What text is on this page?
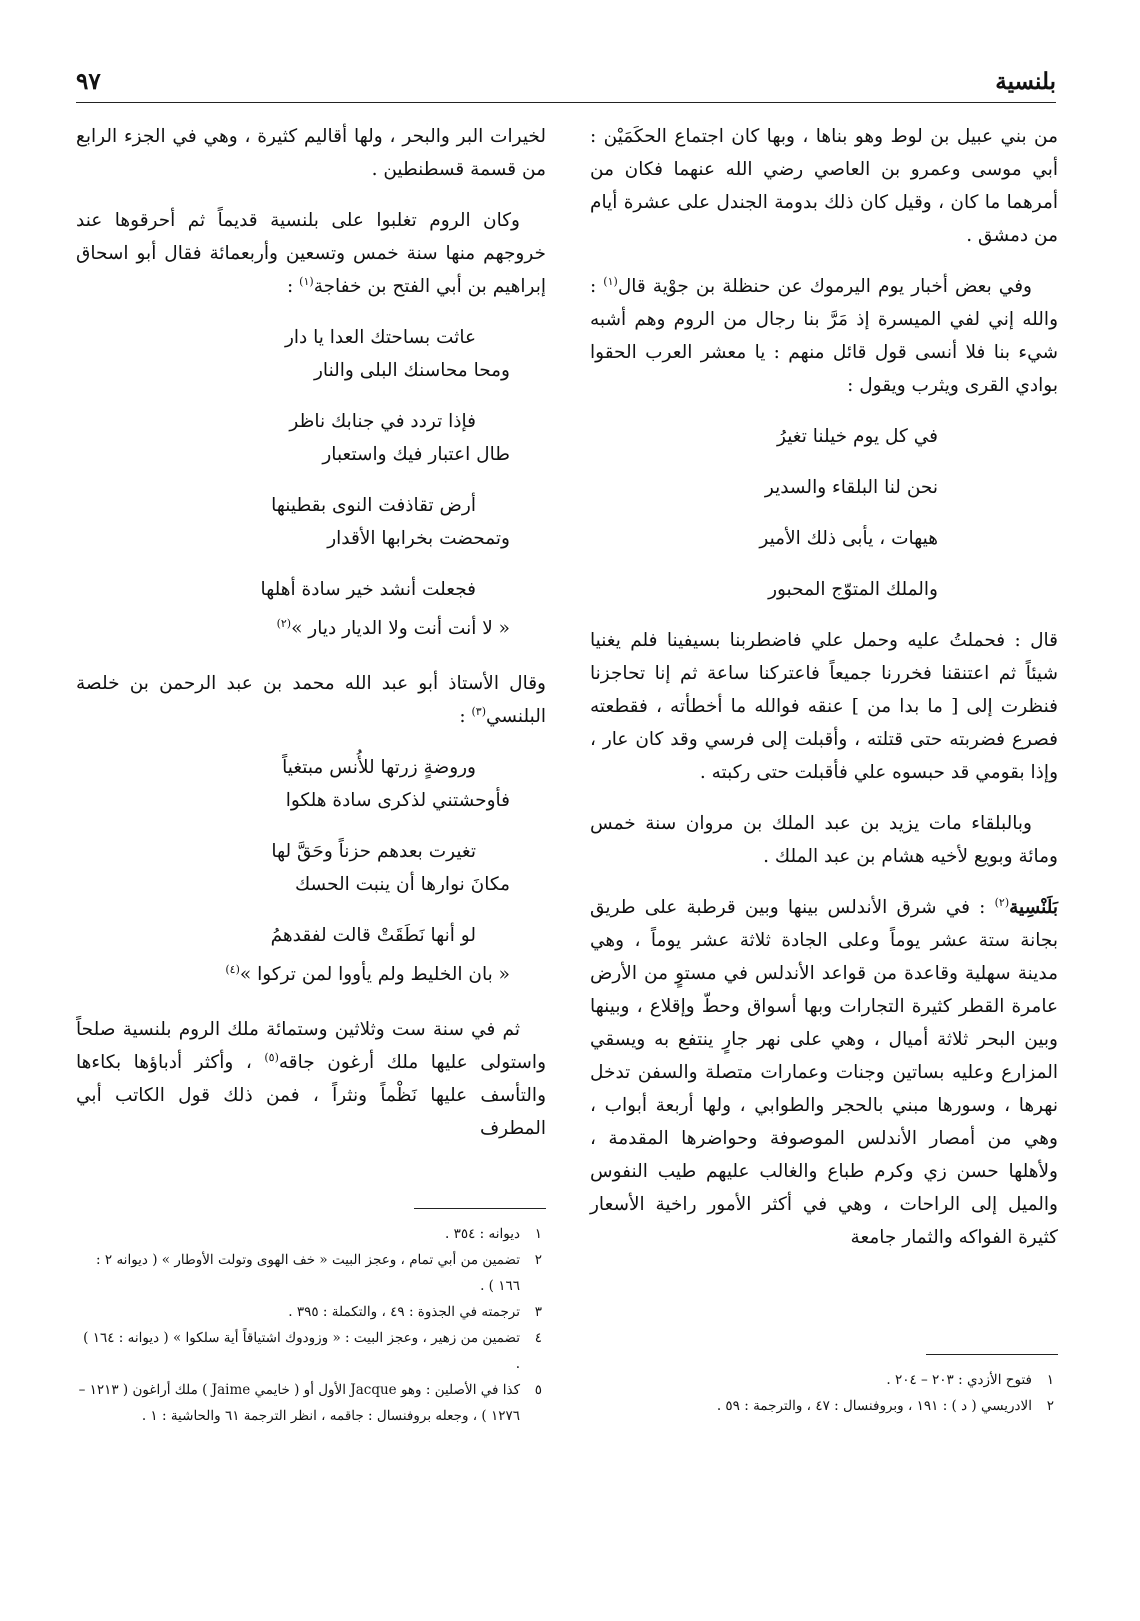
بلنسية
٩٧

من بني عبيل بن لوط وهو بناها ، وبها كان اجتماع الحكَمَيْن : أبي موسى وعمرو بن العاصي رضي الله عنهما فكان من أمرهما ما كان ، وقيل كان ذلك بدومة الجندل على عشرة أيام من دمشق .

وفي بعض أخبار يوم اليرموك عن حنظلة بن جوْية قال$^{(١)}$ : والله إني لفي الميسرة إذ مَرَّ بنا رجال من الروم وهم أشبه شيء بنا فلا أنسى قول قائل منهم : يا معشر العرب الحقوا بوادي القرى ويثرب ويقول :

في كل يوم خيلنا تغيرُ
نحن لنا البلقاء والسدير
هيهات ، يأبى ذلك الأمير
والملك المتوّج المحبور

قال : فحملتُ عليه وحمل علي فاضطربنا بسيفينا فلم يغنيا شيئاً ثم اعتنقنا فخررنا جميعاً فاعتركنا ساعة ثم إنا تحاجزنا فنظرت إلى [ ما بدا من ] عنقه فوالله ما أخطأته ، فقطعته فصرع فضربته حتى قتلته ، وأقبلت إلى فرسي وقد كان عار ، وإذا بقومي قد حبسوه علي فأقبلت حتى ركبته .

وبالبلقاء مات يزيد بن عبد الملك بن مروان سنة خمس ومائة وبويع لأخيه هشام بن عبد الملك .

بَلَنْسِية$^{(٢)}$ : في شرق الأندلس بينها وبين قرطبة على طريق بجانة ستة عشر يوماً وعلى الجادة ثلاثة عشر يوماً ، وهي مدينة سهلية وقاعدة من قواعد الأندلس في مستوٍ من الأرض عامرة القطر كثيرة التجارات وبها أسواق وحطّ وإقلاع ، وبينها وبين البحر ثلاثة أميال ، وهي على نهر جارٍ ينتفع به ويسقي المزارع وعليه بساتين وجنات وعمارات متصلة والسفن تدخل نهرها ، وسورها مبني بالحجر والطوابي ، ولها أربعة أبواب ، وهي من أمصار الأندلس الموصوفة وحواضرها المقدمة ، ولأهلها حسن زي وكرم طباع والغالب عليهم طيب النفوس والميل إلى الراحات ، وهي في أكثر الأمور راخية الأسعار كثيرة الفواكه والثمار جامعة

لخيرات البر والبحر ، ولها أقاليم كثيرة ، وهي في الجزء الرابع من قسمة قسطنطين .

وكان الروم تغلبوا على بلنسية قديماً ثم أحرقوها عند خروجهم منها سنة خمس وتسعين وأربعمائة فقال أبو اسحاق إبراهيم بن أبي الفتح بن خفاجة$^{(١)}$ :

عاثت بساحتك العدا يا دار
ومحا محاسنك البلى والنار
فإذا تردد في جنابك ناظر
طال اعتبار فيك واستعبار
أرض تقاذفت النوى بقطينها
وتمحضت بخرابها الأقدار
فجعلت أنشد خير سادة أهلها
« لا أنت أنت ولا الديار ديار »$^{(٢)}$

وقال الأستاذ أبو عبد الله محمد بن عبد الرحمن بن خلصة البلنسي$^{(٣)}$ :

وروضةٍ زرتها للأُنس مبتغياً
فأوحشتني لذكرى سادة هلكوا
تغيرت بعدهم حزناً وحَقَّ لها
مكانَ نوارها أن ينبت الحسك
لو أنها نَطَقَتْ قالت لفقدهمُ
« بان الخليط ولم يأووا لمن تركوا »$^{(٤)}$

ثم في سنة ست وثلاثين وستمائة ملك الروم بلنسية صلحاً واستولى عليها ملك أرغون جاقه$^{(٥)}$ ، وأكثر أدباؤها بكاءها والتأسف عليها نَظْماً ونثراً ، فمن ذلك قول الكاتب أبي المطرف

١ديوانه : ٣٥٤ .

٢تضمين من أبي تمام ، وعجز البيت « خف الهوى وتولت الأوطار » ( ديوانه ٢ : ١٦٦ ) .

٣ترجمته في الجذوة : ٤٩ ، والتكملة : ٣٩٥ .

٤تضمين من زهير ، وعجز البيت : « وزودوك اشتياقاً أية سلكوا » ( ديوانه : ١٦٤ ) .

٥كذا في الأصلين : وهو Jacque الأول أو ( خايمي Jaime ) ملك أراغون ( ١٢١٣ – ١٢٧٦ ) ، وجعله بروفنسال : جاقمه ، انظر الترجمة ٦١ والحاشية : ١ .

١فتوح الأزدي : ٢٠٣ – ٢٠٤ .

٢الادريسي ( د ) : ١٩١ ، وبروفنسال : ٤٧ ، والترجمة : ٥٩ .
